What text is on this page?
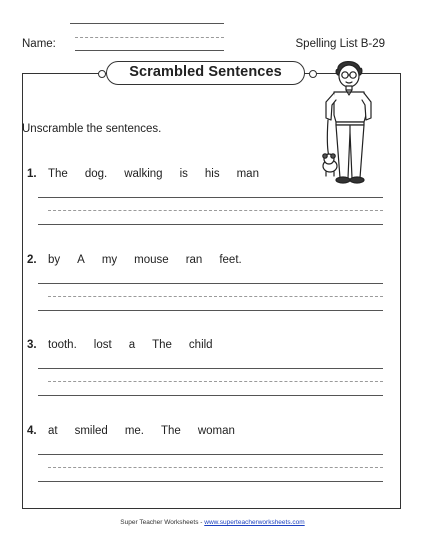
Name:	Spelling List B-29
Scrambled Sentences
Unscramble the sentences.
1. The dog. walking is his man
2. by A my mouse ran feet.
3. tooth. lost a The child
4. at smiled me. The woman
Super Teacher Worksheets - www.superteacherworksheets.com
